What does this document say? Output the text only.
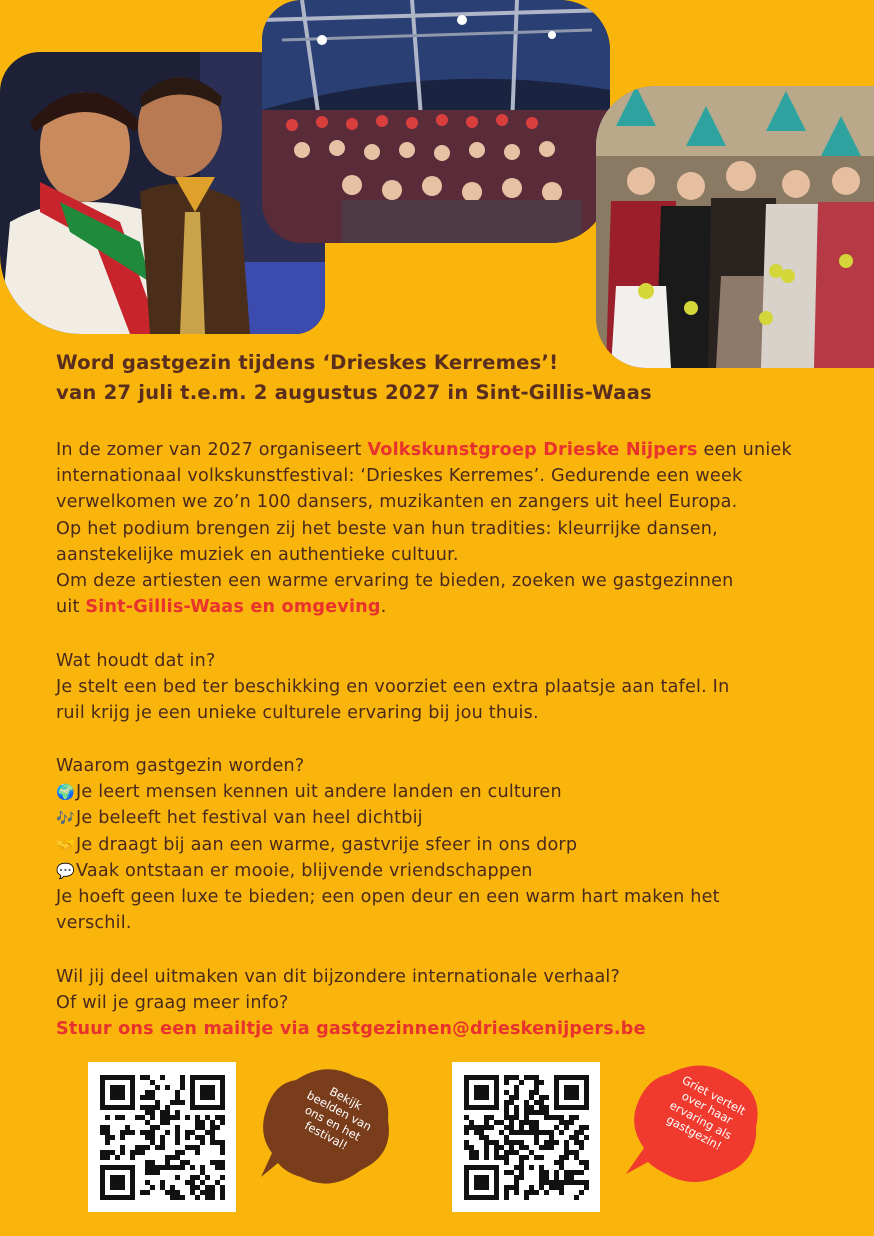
Word gastgezin tijdens ‘Drieskes Kerremes’!
van 27 juli t.e.m. 2 augustus 2027 in Sint-Gillis-Waas
In de zomer van 2027 organiseert Volkskunstgroep Drieske Nijpers een uniek
internationaal volkskunstfestival: ‘Drieskes Kerremes’. Gedurende een week
verwelkomen we zo’n 100 dansers, muzikanten en zangers uit heel Europa.
Op het podium brengen zij het beste van hun tradities: kleurrijke dansen,
aanstekelijke muziek en authentieke cultuur.
Om deze artiesten een warme ervaring te bieden, zoeken we gastgezinnen
uit Sint-Gillis-Waas en omgeving.
Wat houdt dat in?
Je stelt een bed ter beschikking en voorziet een extra plaatsje aan tafel. In
ruil krijg je een unieke culturele ervaring bij jou thuis.
Waarom gastgezin worden?
🌍Je leert mensen kennen uit andere landen en culturen
🎶Je beleeft het festival van heel dichtbij
🤝Je draagt bij aan een warme, gastvrije sfeer in ons dorp
💬Vaak ontstaan er mooie, blijvende vriendschappen
Je hoeft geen luxe te bieden; een open deur en een warm hart maken het
verschil.
Wil jij deel uitmaken van dit bijzondere internationale verhaal?
Of wil je graag meer info?
Stuur ons een mailtje via gastgezinnen@drieskenijpers.be
Bekijk
beelden van
ons en het
festival!
Griet vertelt
over haar
ervaring als
gastgezin!
